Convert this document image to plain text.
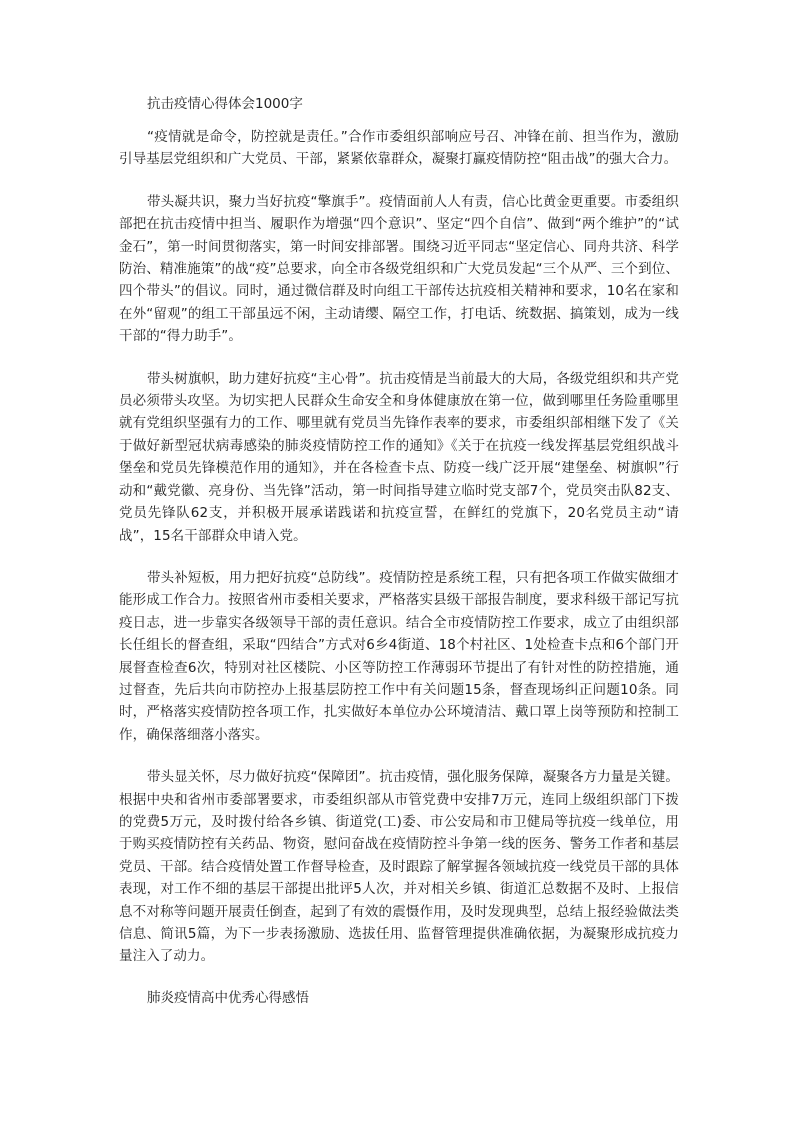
抗击疫情心得体会1000字

“疫情就是命令，防控就是责任。”合作市委组织部响应号召、冲锋在前、担当作为，激励引导基层党组织和广大党员、干部，紧紧依靠群众，凝聚打赢疫情防控“阻击战”的强大合力。

带头凝共识，聚力当好抗疫“擎旗手”。疫情面前人人有责，信心比黄金更重要。市委组织部把在抗击疫情中担当、履职作为增强“四个意识”、坚定“四个自信”、做到“两个维护”的“试金石”，第一时间贯彻落实，第一时间安排部署。围绕习近平同志“坚定信心、同舟共济、科学防治、精准施策”的战“疫”总要求，向全市各级党组织和广大党员发起“三个从严、三个到位、四个带头”的倡议。同时，通过微信群及时向组工干部传达抗疫相关精神和要求，10名在家和在外“留观”的组工干部虽远不闲，主动请缨、隔空工作，打电话、统数据、搞策划，成为一线干部的“得力助手”。

带头树旗帜，助力建好抗疫“主心骨”。抗击疫情是当前最大的大局，各级党组织和共产党员必须带头攻坚。为切实把人民群众生命安全和身体健康放在第一位，做到哪里任务险重哪里就有党组织坚强有力的工作、哪里就有党员当先锋作表率的要求，市委组织部相继下发了《关于做好新型冠状病毒感染的肺炎疫情防控工作的通知》《关于在抗疫一线发挥基层党组织战斗堡垒和党员先锋模范作用的通知》，并在各检查卡点、防疫一线广泛开展“建堡垒、树旗帜”行动和“戴党徽、亮身份、当先锋”活动，第一时间指导建立临时党支部7个，党员突击队82支、党员先锋队62支，并积极开展承诺践诺和抗疫宣誓，在鲜红的党旗下，20名党员主动“请战”，15名干部群众申请入党。

带头补短板，用力把好抗疫“总防线”。疫情防控是系统工程，只有把各项工作做实做细才能形成工作合力。按照省州市委相关要求，严格落实县级干部报告制度，要求科级干部记写抗疫日志，进一步靠实各级领导干部的责任意识。结合全市疫情防控工作要求，成立了由组织部长任组长的督查组，采取“四结合”方式对6乡4街道、18个村社区、1处检查卡点和6个部门开展督查检查6次，特别对社区楼院、小区等防控工作薄弱环节提出了有针对性的防控措施，通过督查，先后共向市防控办上报基层防控工作中有关问题15条，督查现场纠正问题10条。同时，严格落实疫情防控各项工作，扎实做好本单位办公环境清洁、戴口罩上岗等预防和控制工作，确保落细落小落实。

带头显关怀，尽力做好抗疫“保障团”。抗击疫情，强化服务保障，凝聚各方力量是关键。根据中央和省州市委部署要求，市委组织部从市管党费中安排7万元，连同上级组织部门下拨的党费5万元，及时拨付给各乡镇、街道党(工)委、市公安局和市卫健局等抗疫一线单位，用于购买疫情防控有关药品、物资，慰问奋战在疫情防控斗争第一线的医务、警务工作者和基层党员、干部。结合疫情处置工作督导检查，及时跟踪了解掌握各领域抗疫一线党员干部的具体表现，对工作不细的基层干部提出批评5人次，并对相关乡镇、街道汇总数据不及时、上报信息不对称等问题开展责任倒查，起到了有效的震慑作用，及时发现典型，总结上报经验做法类信息、简讯5篇，为下一步表扬激励、选拔任用、监督管理提供准确依据，为凝聚形成抗疫力量注入了动力。

肺炎疫情高中优秀心得感悟
